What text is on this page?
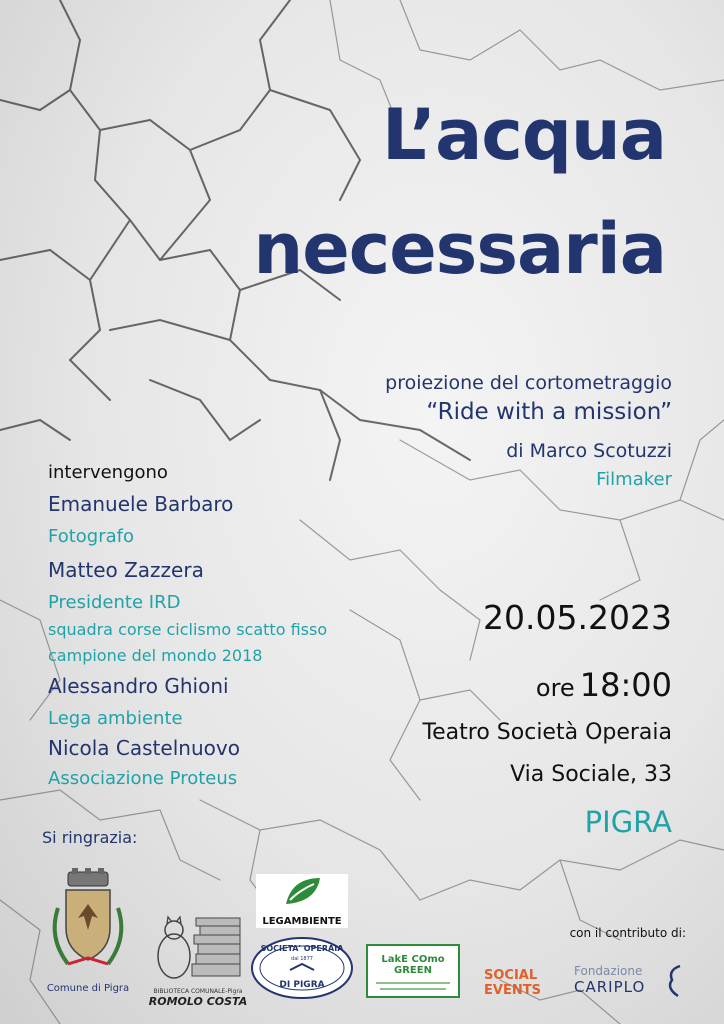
L’acqua
necessaria
proiezione del cortometraggio
“Ride with a mission”
di Marco Scotuzzi
Filmaker
intervengono
Emanuele Barbaro
Fotografo
Matteo Zazzera
Presidente IRD
squadra corse ciclismo scatto fisso
campione del mondo 2018
Alessandro Ghioni
Lega ambiente
Nicola Castelnuovo
Associazione Proteus
20.05.2023
ore 18:00
Teatro Società Operaia
Via Sociale, 33
PIGRA
Si ringrazia:
con il contributo di:
Comune di Pigra	BIBLIOTECA COMUNALE-Pigra
ROMOLO COSTA
LEGAMBIENTE
SOCIETA' OPERAIA
dal 1877
DI PIGRA
LakE COmo GREEN	SOCIAL
EVENTS
Fondazione
CARIPLO
